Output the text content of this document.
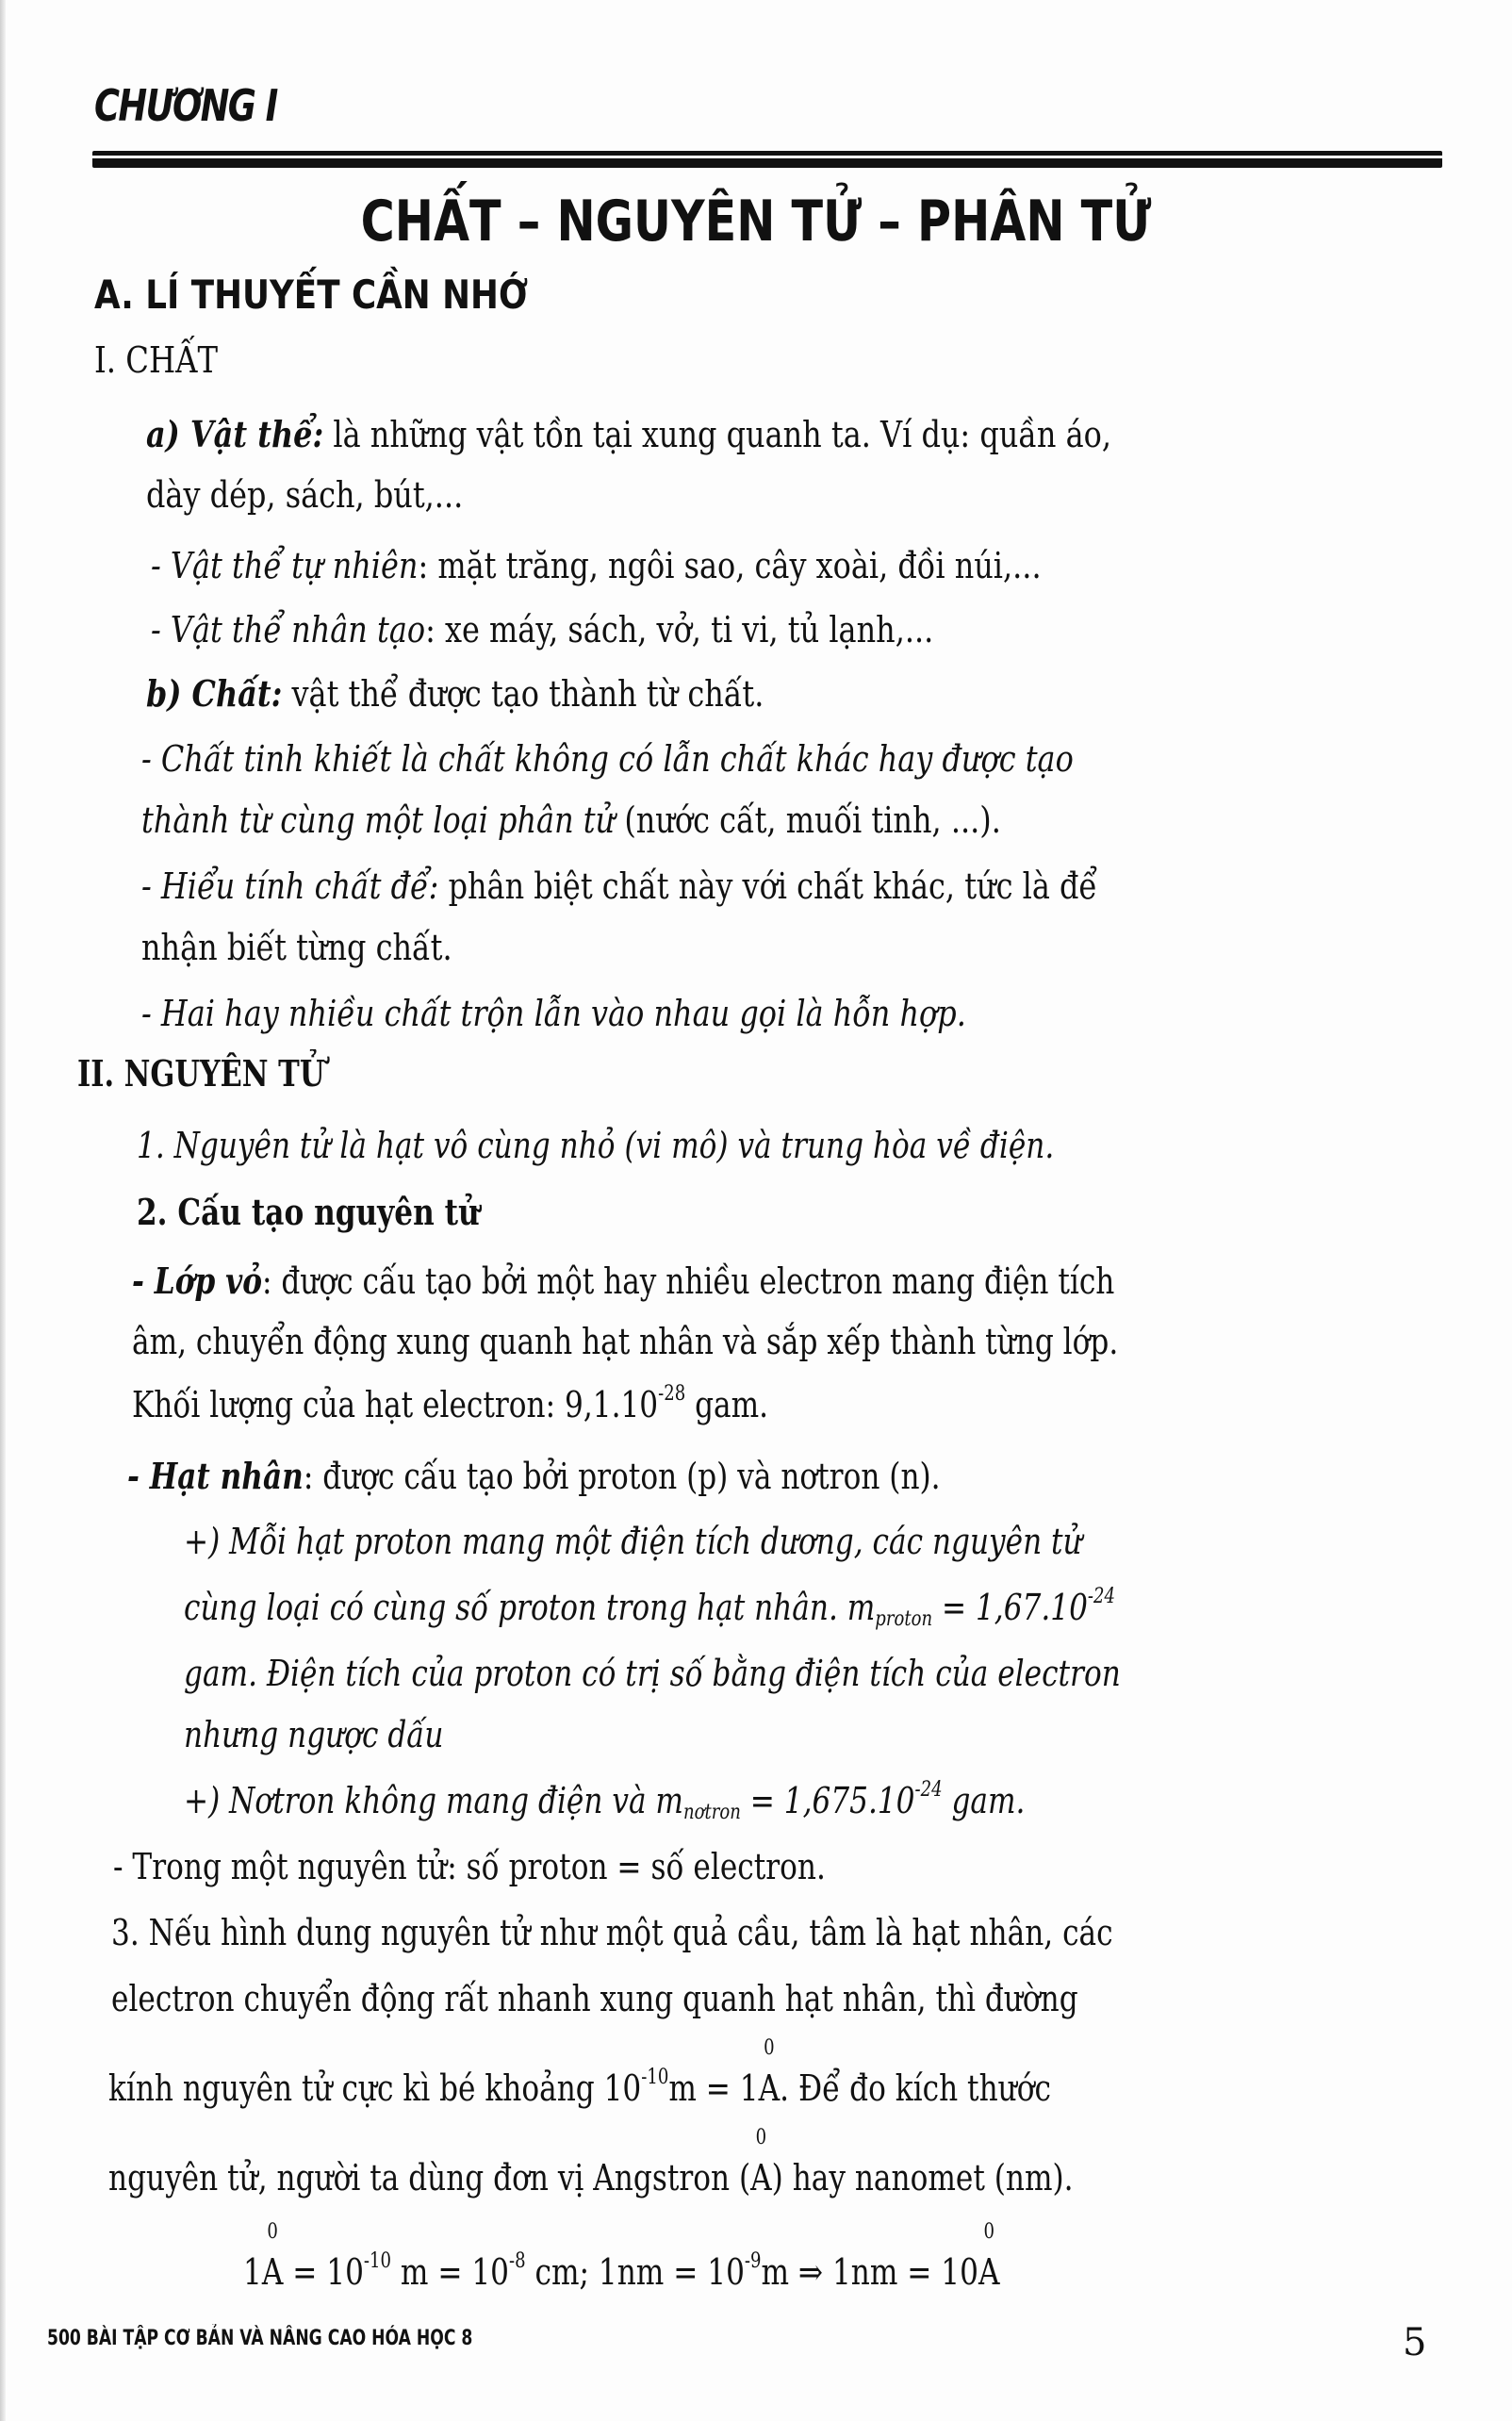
CHƯƠNG I
CHẤT – NGUYÊN TỬ – PHÂN TỬ
A. LÍ THUYẾT CẦN NHỚ
I. CHẤT
a) Vật thể: là những vật tồn tại xung quanh ta. Ví dụ: quần áo,
dày dép, sách, bút,...
- Vật thể tự nhiên: mặt trăng, ngôi sao, cây xoài, đồi núi,...
- Vật thể nhân tạo: xe máy, sách, vở, ti vi, tủ lạnh,...
b) Chất: vật thể được tạo thành từ chất.
- Chất tinh khiết là chất không có lẫn chất khác hay được tạo
thành từ cùng một loại phân tử (nước cất, muối tinh, ...).
- Hiểu tính chất để: phân biệt chất này với chất khác, tức là để
nhận biết từng chất.
- Hai hay nhiều chất trộn lẫn vào nhau gọi là hỗn hợp.
II. NGUYÊN TỬ
1. Nguyên tử là hạt vô cùng nhỏ (vi mô) và trung hòa về điện.
2. Cấu tạo nguyên tử
- Lớp vỏ: được cấu tạo bởi một hay nhiều electron mang điện tích
âm, chuyển động xung quanh hạt nhân và sắp xếp thành từng lớp.
Khối lượng của hạt electron: $9,1.10^{-28}$ gam.
- Hạt nhân: được cấu tạo bởi proton (p) và nơtron (n).
+) Mỗi hạt proton mang một điện tích dương, các nguyên tử
cùng loại có cùng số proton trong hạt nhân. $m_{proton} = 1,67.10^{-24}$
gam. Điện tích của proton có trị số bằng điện tích của electron
nhưng ngược dấu
+) Nơtron không mang điện và $m_{nơtron} = 1,675.10^{-24}$ gam.
- Trong một nguyên tử: số proton = số electron.
3. Nếu hình dung nguyên tử như một quả cầu, tâm là hạt nhân, các
electron chuyển động rất nhanh xung quanh hạt nhân, thì đường
kính nguyên tử cực kì bé khoảng $10^{-10}m = 10$ A. Để đo kích thước
nguyên tử, người ta dùng đơn vị Angstron (0 A) hay nanomet (nm).
10 $A = 10^{-10}$ $m = 10^{-8}$ cm; $1nm = 10^{-9}m$ ⇒ 1nm = 100 A
500 BÀI TẬP CƠ BẢN VÀ NÂNG CAO HÓA HỌC 8	5
